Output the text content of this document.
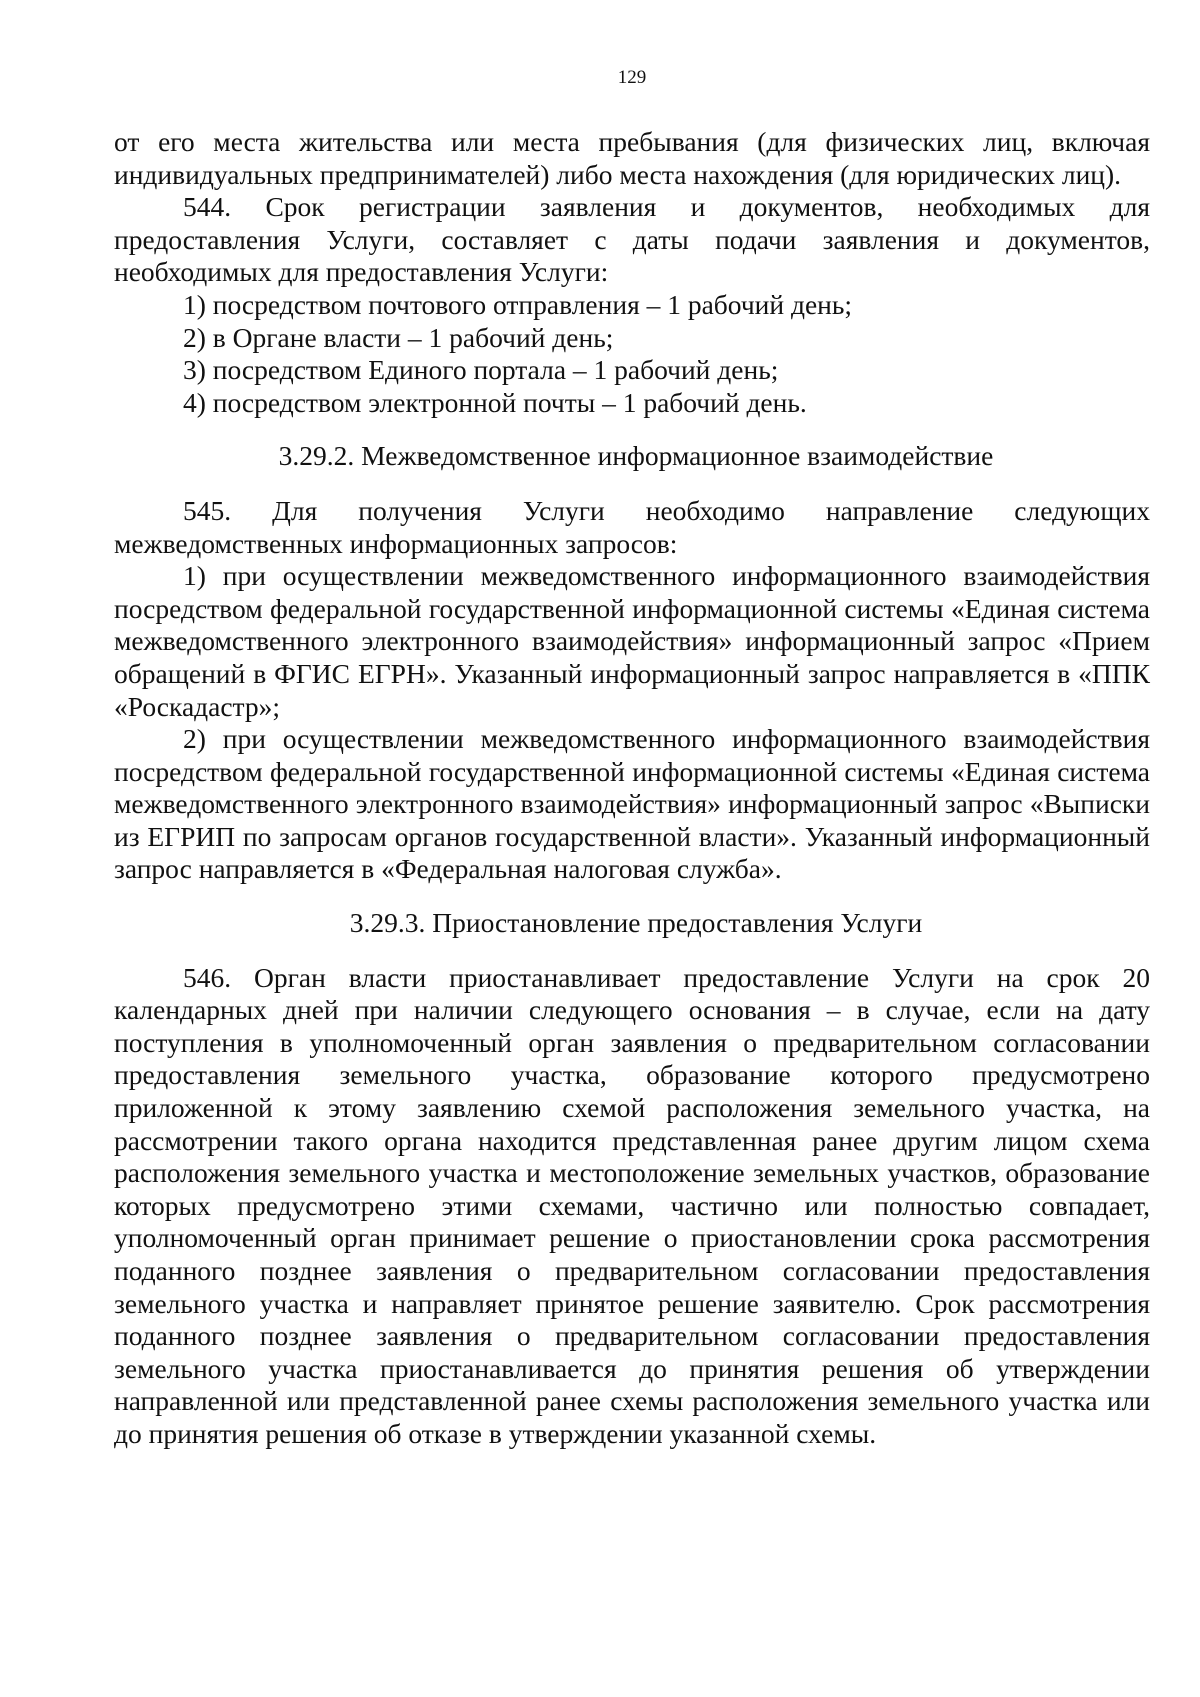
129

от его места жительства или места пребывания (для физических лиц, включая индивидуальных предпринимателей) либо места нахождения (для юридических лиц).

544. Срок регистрации заявления и документов, необходимых для предоставления Услуги, составляет с даты подачи заявления и документов, необходимых для предоставления Услуги:

1) посредством почтового отправления – 1 рабочий день;

2) в Органе власти – 1 рабочий день;

3) посредством Единого портала – 1 рабочий день;

4) посредством электронной почты – 1 рабочий день.

3.29.2. Межведомственное информационное взаимодействие

545. Для получения Услуги необходимо направление следующих межведомственных информационных запросов:

1) при осуществлении межведомственного информационного взаимодействия посредством федеральной государственной информационной системы «Единая система межведомственного электронного взаимодействия» информационный запрос «Прием обращений в ФГИС ЕГРН». Указанный информационный запрос направляется в «ППК «Роскадастр»;

2) при осуществлении межведомственного информационного взаимодействия посредством федеральной государственной информационной системы «Единая система межведомственного электронного взаимодействия» информационный запрос «Выписки из ЕГРИП по запросам органов государственной власти». Указанный информационный запрос направляется в «Федеральная налоговая служба».

3.29.3. Приостановление предоставления Услуги

546. Орган власти приостанавливает предоставление Услуги на срок 20 календарных дней при наличии следующего основания – в случае, если на дату поступления в уполномоченный орган заявления о предварительном согласовании предоставления земельного участка, образование которого предусмотрено приложенной к этому заявлению схемой расположения земельного участка, на рассмотрении такого органа находится представленная ранее другим лицом схема расположения земельного участка и местоположение земельных участков, образование которых предусмотрено этими схемами, частично или полностью совпадает, уполномоченный орган принимает решение о приостановлении срока рассмотрения поданного позднее заявления о предварительном согласовании предоставления земельного участка и направляет принятое решение заявителю. Срок рассмотрения поданного позднее заявления о предварительном согласовании предоставления земельного участка приостанавливается до принятия решения об утверждении направленной или представленной ранее схемы расположения земельного участка или до принятия решения об отказе в утверждении указанной схемы.
